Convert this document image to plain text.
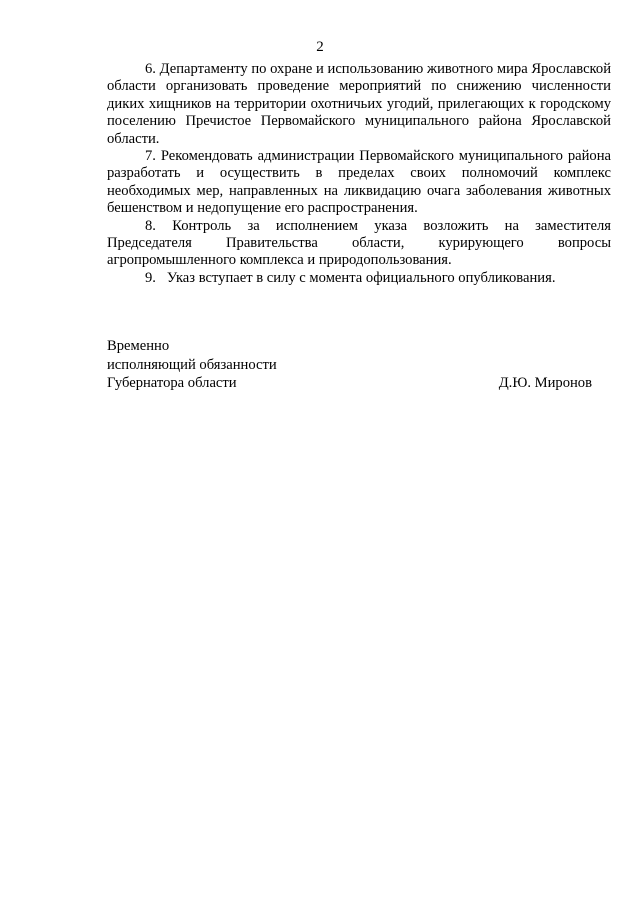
2

6. Департаменту по охране и использованию животного мира Ярославской области организовать проведение мероприятий по снижению численности диких хищников на территории охотничьих угодий, прилегающих к городскому поселению Пречистое Первомайского муниципального района Ярославской области.

7. Рекомендовать администрации Первомайского муниципального района разработать и осуществить в пределах своих полномочий комплекс необходимых мер, направленных на ликвидацию очага заболевания животных бешенством и недопущение его распространения.

8. Контроль за исполнением указа возложить на заместителя Председателя Правительства области, курирующего вопросы агропромышленного комплекса и природопользования.

9.   Указ вступает в силу с момента официального опубликования.

Временно
исполняющий обязанности
Губернатора области	Д.Ю. Миронов
